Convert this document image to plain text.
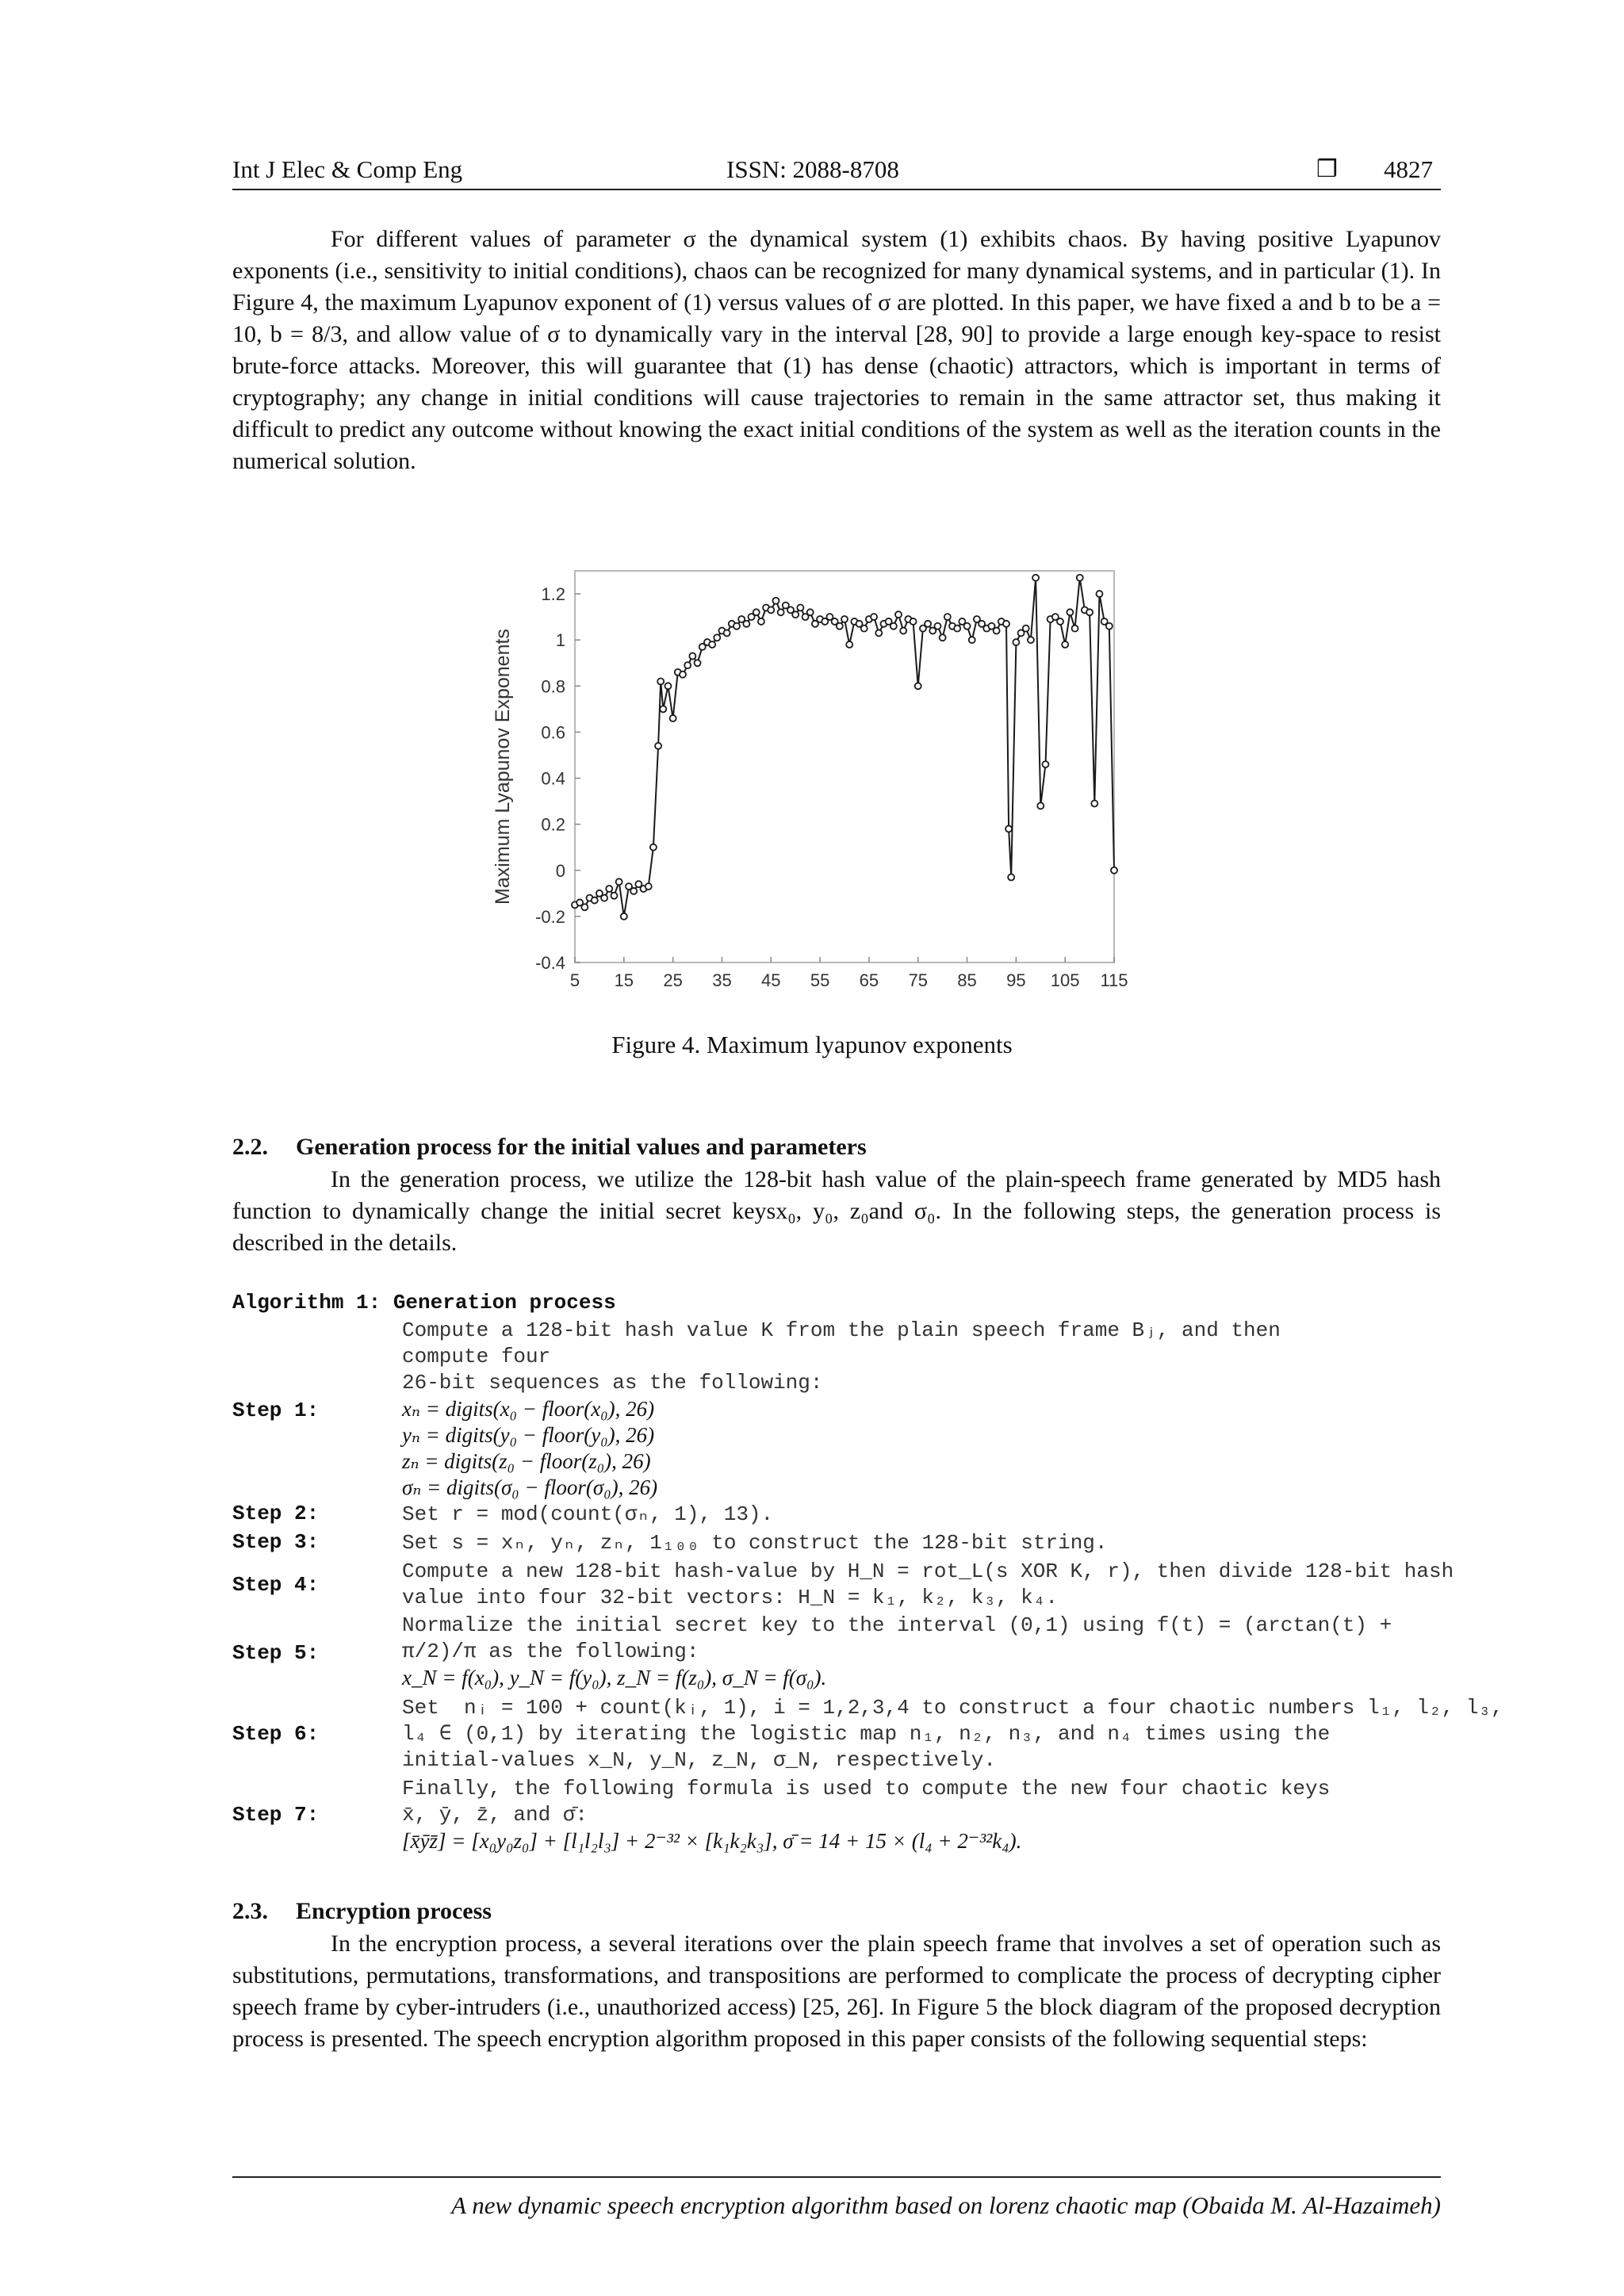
Int J Elec & Comp Eng	ISSN: 2088-8708	❒ 4827

For different values of parameter σ the dynamical system (1) exhibits chaos. By having positive Lyapunov exponents (i.e., sensitivity to initial conditions), chaos can be recognized for many dynamical systems, and in particular (1). In Figure 4, the maximum Lyapunov exponent of (1) versus values of σ are plotted. In this paper, we have fixed a and b to be a = 10, b = 8/3, and allow value of σ to dynamically vary in the interval [28, 90] to provide a large enough key-space to resist brute-force attacks. Moreover, this will guarantee that (1) has dense (chaotic) attractors, which is important in terms of cryptography; any change in initial conditions will cause trajectories to remain in the same attractor set, thus making it difficult to predict any outcome without knowing the exact initial conditions of the system as well as the iteration counts in the numerical solution.

1.2
1
0.8
0.6
0.4
0.2
0
-0.2
-0.4
5 15 25 35 45 55 65 75 85 95 105 115
Maximum Lyapunov Exponents
Figure 4. Maximum lyapunov exponents
2.2. Generation process for the initial values and parameters

In the generation process, we utilize the 128-bit hash value of the plain-speech frame generated by MD5 hash function to dynamically change the initial secret keysx₀, y₀, z₀and σ₀. In the following steps, the generation process is described in the details.

Algorithm 1: Generation process
Compute a 128-bit hash value K from the plain speech frame Bⱼ, and then
compute four
26-bit sequences as the following:
xₙ = digits(x₀ − floor(x₀), 26)
yₙ = digits(y₀ − floor(y₀), 26)
zₙ = digits(z₀ − floor(z₀), 26)
σₙ = digits(σ₀ − floor(σ₀), 26)
Step 1:
Set r = mod(count(σₙ, 1), 13).
Step 2:
Set s = xₙ, yₙ, zₙ, 1₁₀₀ to construct the 128-bit string.
Step 3:
Compute a new 128-bit hash-value by H_N = rot_L(s XOR K, r), then divide 128-bit hash
value into four 32-bit vectors: H_N = k₁, k₂, k₃, k₄.
Step 4:
Normalize the initial secret key to the interval (0,1) using f(t) = (arctan(t) +
π/2)/π as the following:
x_N = f(x₀), y_N = f(y₀), z_N = f(z₀), σ_N = f(σ₀).
Step 5:
Set  nᵢ = 100 + count(kᵢ, 1), i = 1,2,3,4 to construct a four chaotic numbers l₁, l₂, l₃,
l₄ ∈ (0,1) by iterating the logistic map n₁, n₂, n₃, and n₄ times using the
initial-values x_N, y_N, z_N, σ_N, respectively.
Step 6:
Finally, the following formula is used to compute the new four chaotic keys
x̄, ȳ, z̄, and σ̄:
[x̄ȳz̄] = [x₀y₀z₀] + [l₁l₂l₃] + 2⁻³² × [k₁k₂k₃], σ̄ = 14 + 15 × (l₄ + 2⁻³²k₄).
Step 7:
2.3. Encryption process

In the encryption process, a several iterations over the plain speech frame that involves a set of operation such as substitutions, permutations, transformations, and transpositions are performed to complicate the process of decrypting cipher speech frame by cyber-intruders (i.e., unauthorized access) [25, 26]. In Figure 5 the block diagram of the proposed decryption process is presented. The speech encryption algorithm proposed in this paper consists of the following sequential steps:

A new dynamic speech encryption algorithm based on lorenz chaotic map (Obaida M. Al-Hazaimeh)
